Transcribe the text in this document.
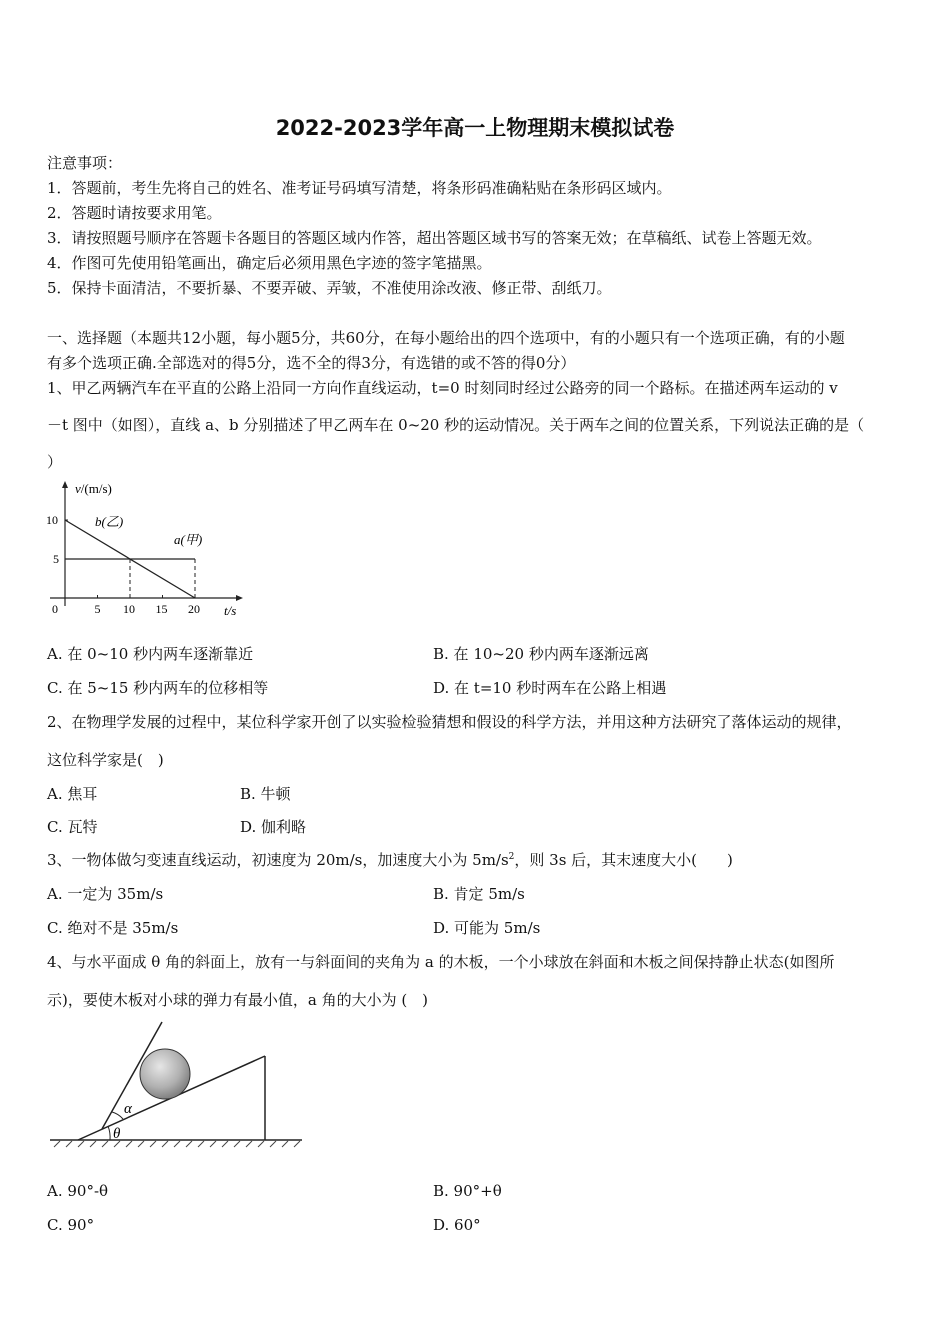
2022-2023学年高一上物理期末模拟试卷
注意事项：
1．答题前，考生先将自己的姓名、准考证号码填写清楚，将条形码准确粘贴在条形码区域内。
2．答题时请按要求用笔。
3．请按照题号顺序在答题卡各题目的答题区域内作答，超出答题区域书写的答案无效；在草稿纸、试卷上答题无效。
4．作图可先使用铅笔画出，确定后必须用黑色字迹的签字笔描黑。
5．保持卡面清洁，不要折暴、不要弄破、弄皱，不准使用涂改液、修正带、刮纸刀。
一、选择题（本题共12小题，每小题5分，共60分，在每小题给出的四个选项中，有的小题只有一个选项正确，有的小题
有多个选项正确.全部选对的得5分，选不全的得3分，有选错的或不答的得0分）
1、甲乙两辆汽车在平直的公路上沿同一方向作直线运动，t=0 时刻同时经过公路旁的同一个路标。在描述两车运动的 v
－t 图中（如图），直线 a、b 分别描述了甲乙两车在 0~20 秒的运动情况。关于两车之间的位置关系，下列说法正确的是（
）
0	5 10 15 20
10
5
v/(m/s)
t/s
b(乙)
a(甲)
A. 在 0~10 秒内两车逐渐靠近	B. 在 10~20 秒内两车逐渐远离
C. 在 5~15 秒内两车的位移相等	D. 在 t=10 秒时两车在公路上相遇
2、在物理学发展的过程中，某位科学家开创了以实验检验猜想和假设的科学方法，并用这种方法研究了落体运动的规律，
这位科学家是(　)
A. 焦耳	B. 牛顿
C. 瓦特	D. 伽利略
3、一物体做匀变速直线运动，初速度为 20m/s，加速度大小为 $5m/s^2$，则 3s 后，其末速度大小(　　)
A. 一定为 35m/s	B. 肯定 5m/s
C. 绝对不是 35m/s	D. 可能为 5m/s
4、与水平面成 θ 角的斜面上，放有一与斜面间的夹角为 a 的木板，一个小球放在斜面和木板之间保持静止状态(如图所
示)，要使木板对小球的弹力有最小值，a 角的大小为 (　)
α
θ
A. 90°-θ	B. 90°+θ
C. 90°	D. 60°
